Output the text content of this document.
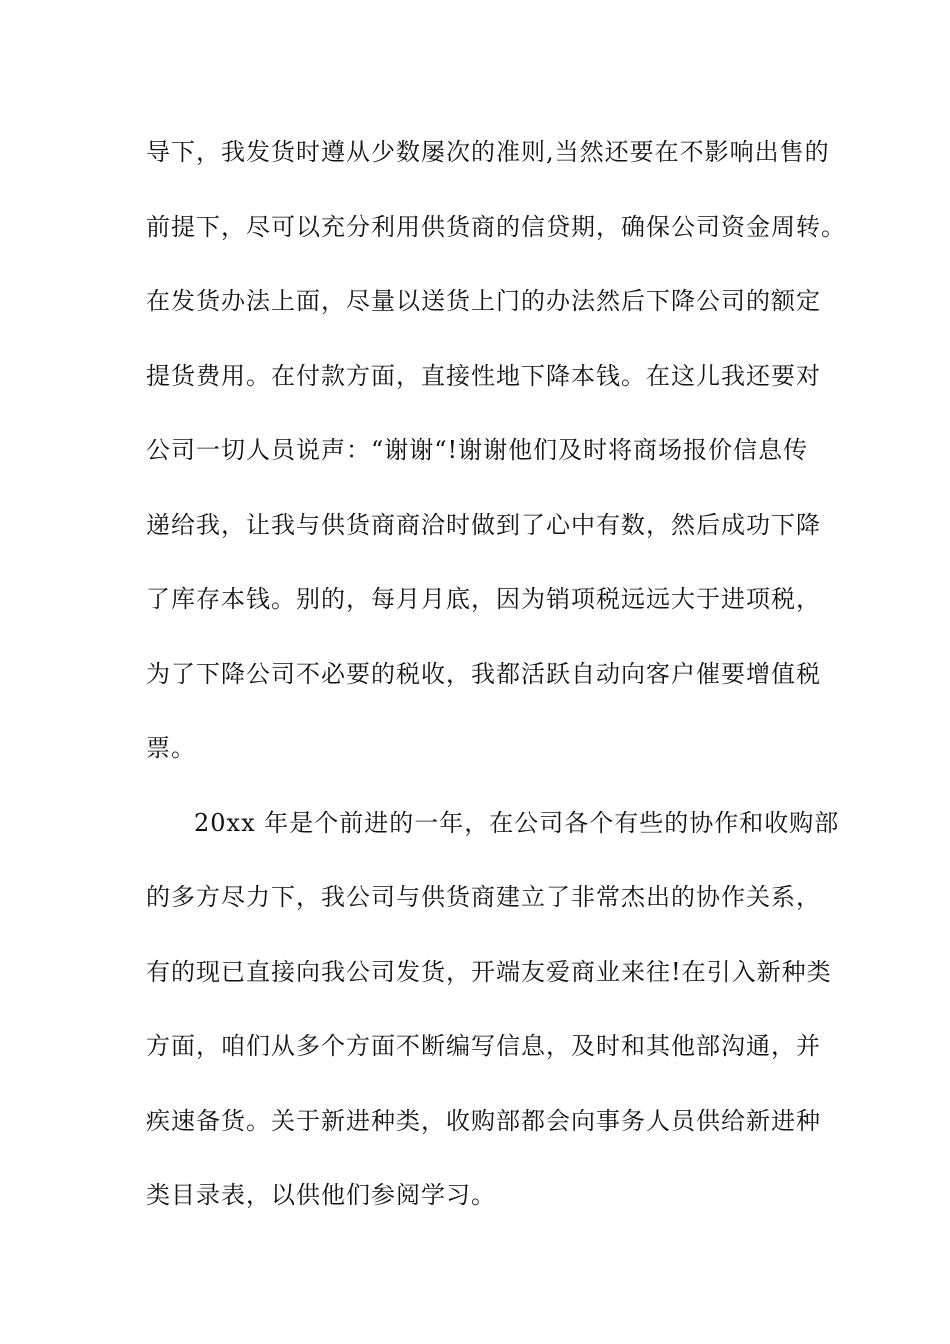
导下，我发货时遵从少数屡次的准则,当然还要在不影响出售的
前提下，尽可以充分利用供货商的信贷期，确保公司资金周转。
在发货办法上面，尽量以送货上门的办法然后下降公司的额定
提货费用。在付款方面，直接性地下降本钱。在这儿我还要对
公司一切人员说声：“谢谢“!谢谢他们及时将商场报价信息传
递给我，让我与供货商商洽时做到了心中有数，然后成功下降
了库存本钱。别的，每月月底，因为销项税远远大于进项税，
为了下降公司不必要的税收，我都活跃自动向客户催要增值税
票。
20xx 年是个前进的一年，在公司各个有些的协作和收购部
的多方尽力下，我公司与供货商建立了非常杰出的协作关系，
有的现已直接向我公司发货，开端友爱商业来往!在引入新种类
方面，咱们从多个方面不断编写信息，及时和其他部沟通，并
疾速备货。关于新进种类，收购部都会向事务人员供给新进种
类目录表，以供他们参阅学习。
